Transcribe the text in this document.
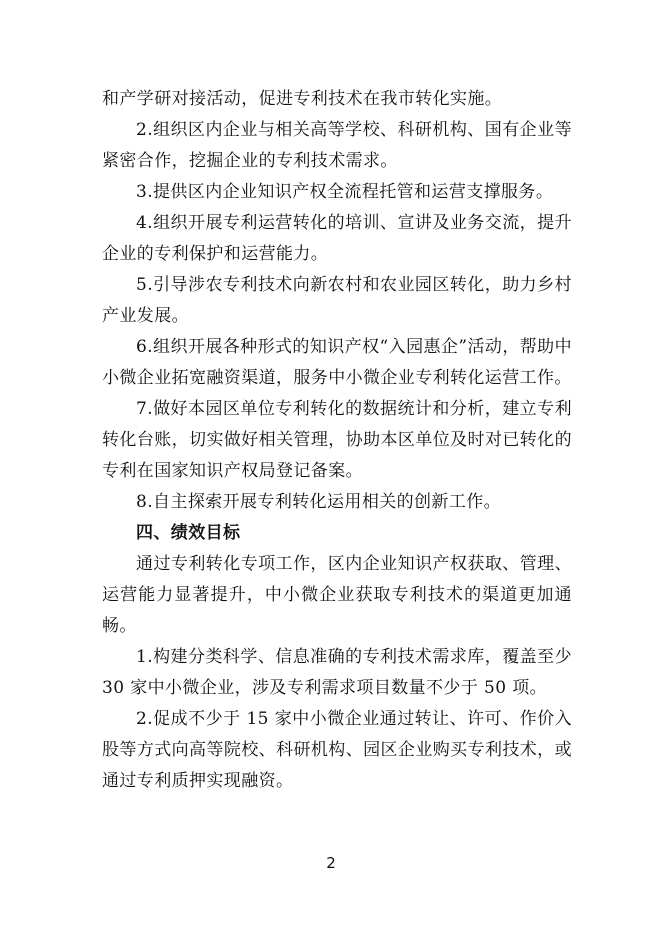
和产学研对接活动，促进专利技术在我市转化实施。

2.组织区内企业与相关高等学校、科研机构、国有企业等紧密合作，挖掘企业的专利技术需求。

3.提供区内企业知识产权全流程托管和运营支撑服务。

4.组织开展专利运营转化的培训、宣讲及业务交流，提升企业的专利保护和运营能力。

5.引导涉农专利技术向新农村和农业园区转化，助力乡村产业发展。

6.组织开展各种形式的知识产权“入园惠企”活动，帮助中小微企业拓宽融资渠道，服务中小微企业专利转化运营工作。

7.做好本园区单位专利转化的数据统计和分析，建立专利转化台账，切实做好相关管理，协助本区单位及时对已转化的专利在国家知识产权局登记备案。

8.自主探索开展专利转化运用相关的创新工作。

四、绩效目标

通过专利转化专项工作，区内企业知识产权获取、管理、运营能力显著提升，中小微企业获取专利技术的渠道更加通畅。

1.构建分类科学、信息准确的专利技术需求库，覆盖至少 30 家中小微企业，涉及专利需求项目数量不少于 50 项。

2.促成不少于 15 家中小微企业通过转让、许可、作价入股等方式向高等院校、科研机构、园区企业购买专利技术，或通过专利质押实现融资。

2
